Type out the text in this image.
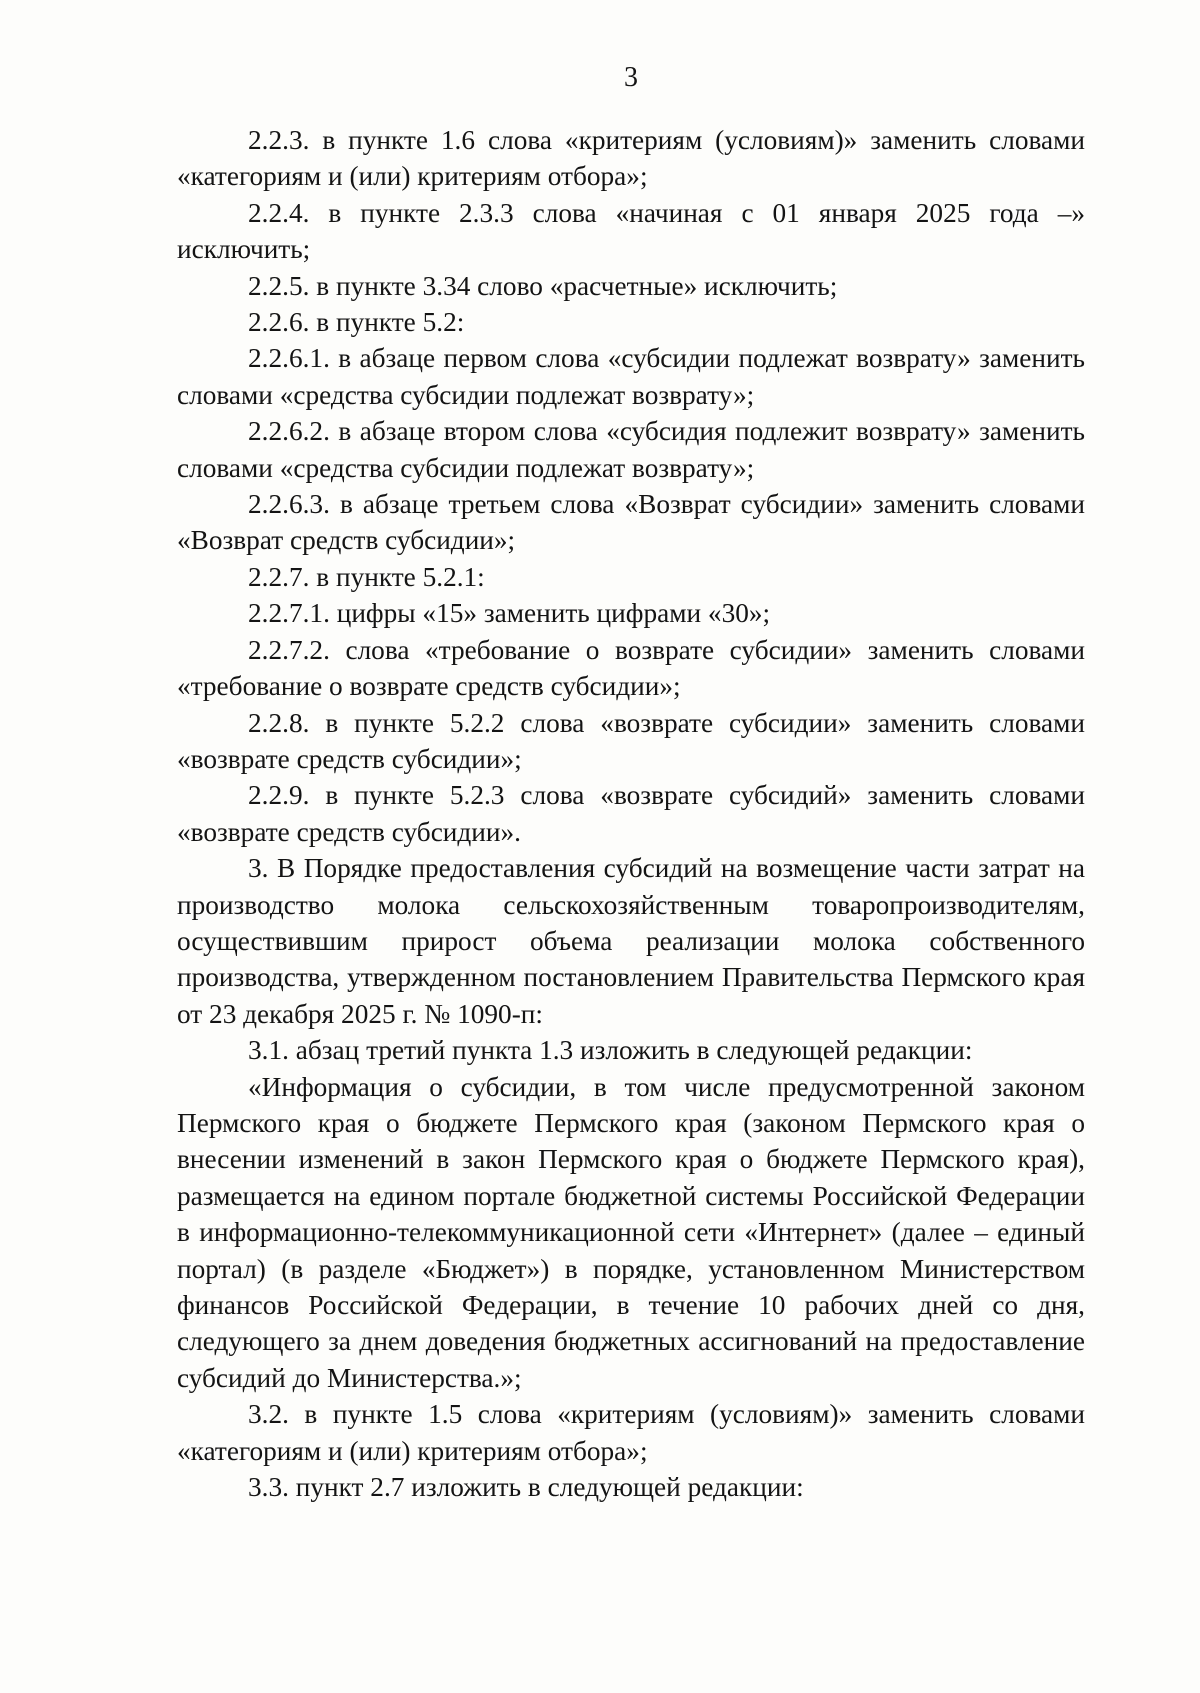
3

2.2.3. в пункте 1.6 слова «критериям (условиям)» заменить словами «категориям и (или) критериям отбора»;

2.2.4. в пункте 2.3.3 слова «начиная с 01 января 2025 года –» исключить;

2.2.5. в пункте 3.34 слово «расчетные» исключить;

2.2.6. в пункте 5.2:

2.2.6.1. в абзаце первом слова «субсидии подлежат возврату» заменить словами «средства субсидии подлежат возврату»;

2.2.6.2. в абзаце втором слова «субсидия подлежит возврату» заменить словами «средства субсидии подлежат возврату»;

2.2.6.3. в абзаце третьем слова «Возврат субсидии» заменить словами «Возврат средств субсидии»;

2.2.7. в пункте 5.2.1:

2.2.7.1. цифры «15» заменить цифрами «30»;

2.2.7.2. слова «требование о возврате субсидии» заменить словами «требование о возврате средств субсидии»;

2.2.8. в пункте 5.2.2 слова «возврате субсидии» заменить словами «возврате средств субсидии»;

2.2.9. в пункте 5.2.3 слова «возврате субсидий» заменить словами «возврате средств субсидии».

3. В Порядке предоставления субсидий на возмещение части затрат на производство молока сельскохозяйственным товаропроизводителям, осуществившим прирост объема реализации молока собственного производства, утвержденном постановлением Правительства Пермского края от 23 декабря 2025 г. № 1090-п:

3.1. абзац третий пункта 1.3 изложить в следующей редакции:

«Информация о субсидии, в том числе предусмотренной законом Пермского края о бюджете Пермского края (законом Пермского края о внесении изменений в закон Пермского края о бюджете Пермского края), размещается на едином портале бюджетной системы Российской Федерации в информационно-телекоммуникационной сети «Интернет» (далее – единый портал) (в разделе «Бюджет») в порядке, установленном Министерством финансов Российской Федерации, в течение 10 рабочих дней со дня, следующего за днем доведения бюджетных ассигнований на предоставление субсидий до Министерства.»;

3.2. в пункте 1.5 слова «критериям (условиям)» заменить словами «категориям и (или) критериям отбора»;

3.3. пункт 2.7 изложить в следующей редакции:
